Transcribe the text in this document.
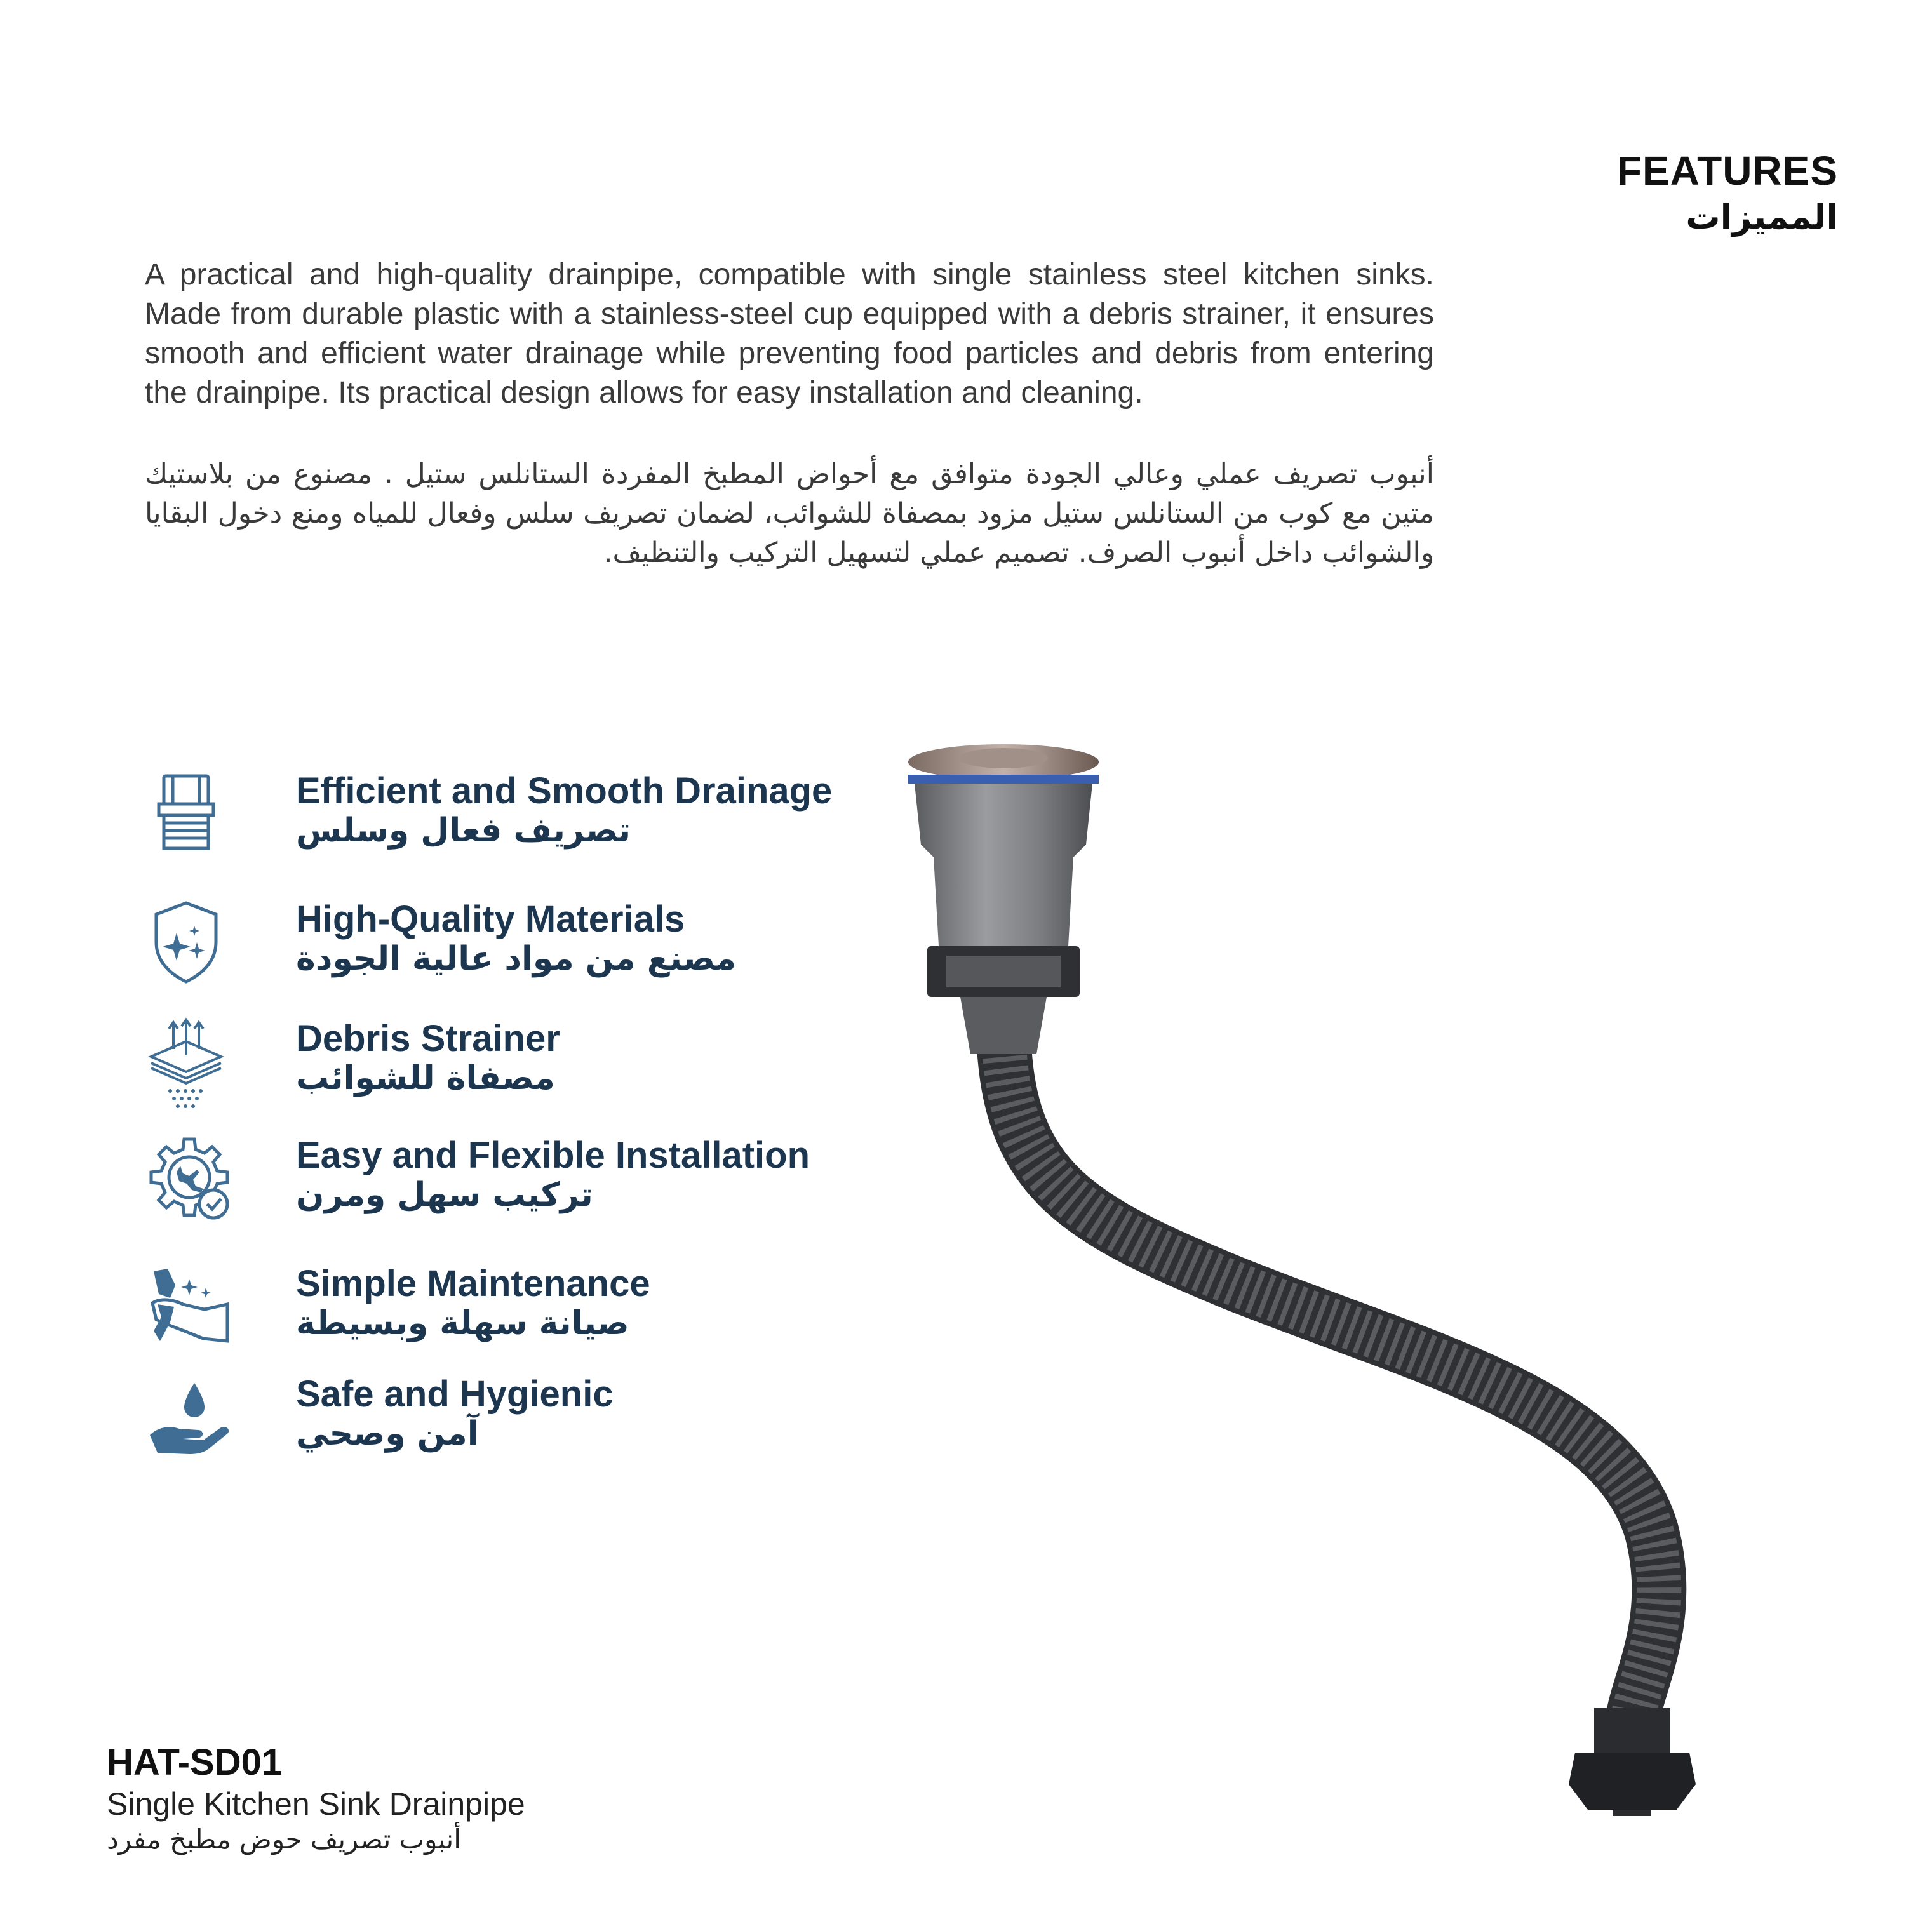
FEATURES
المميزات
A practical and high-quality drainpipe, compatible with single stainless steel kitchen sinks. Made from durable plastic with a stainless-steel cup equipped with a debris strainer, it ensures smooth and efficient water drainage while preventing food particles and debris from entering the drainpipe. Its practical design allows for easy installation and cleaning.
أنبوب تصريف عملي وعالي الجودة متوافق مع أحواض المطبخ المفردة الستانلس ستيل . مصنوع من بلاستيك متين مع كوب من الستانلس ستيل مزود بمصفاة للشوائب، لضمان تصريف سلس وفعال للمياه ومنع دخول البقايا والشوائب داخل أنبوب الصرف. تصميم عملي لتسهيل التركيب والتنظيف.
Efficient and Smooth Drainage
تصريف فعال وسلس
High-Quality Materials
مصنع من مواد عالية الجودة
Debris Strainer
مصفاة للشوائب
Easy and Flexible Installation
تركيب سهل ومرن
Simple Maintenance
صيانة سهلة وبسيطة
Safe and Hygienic
آمن وصحي
HAT-SD01
Single Kitchen Sink Drainpipe
أنبوب تصريف حوض مطبخ مفرد
